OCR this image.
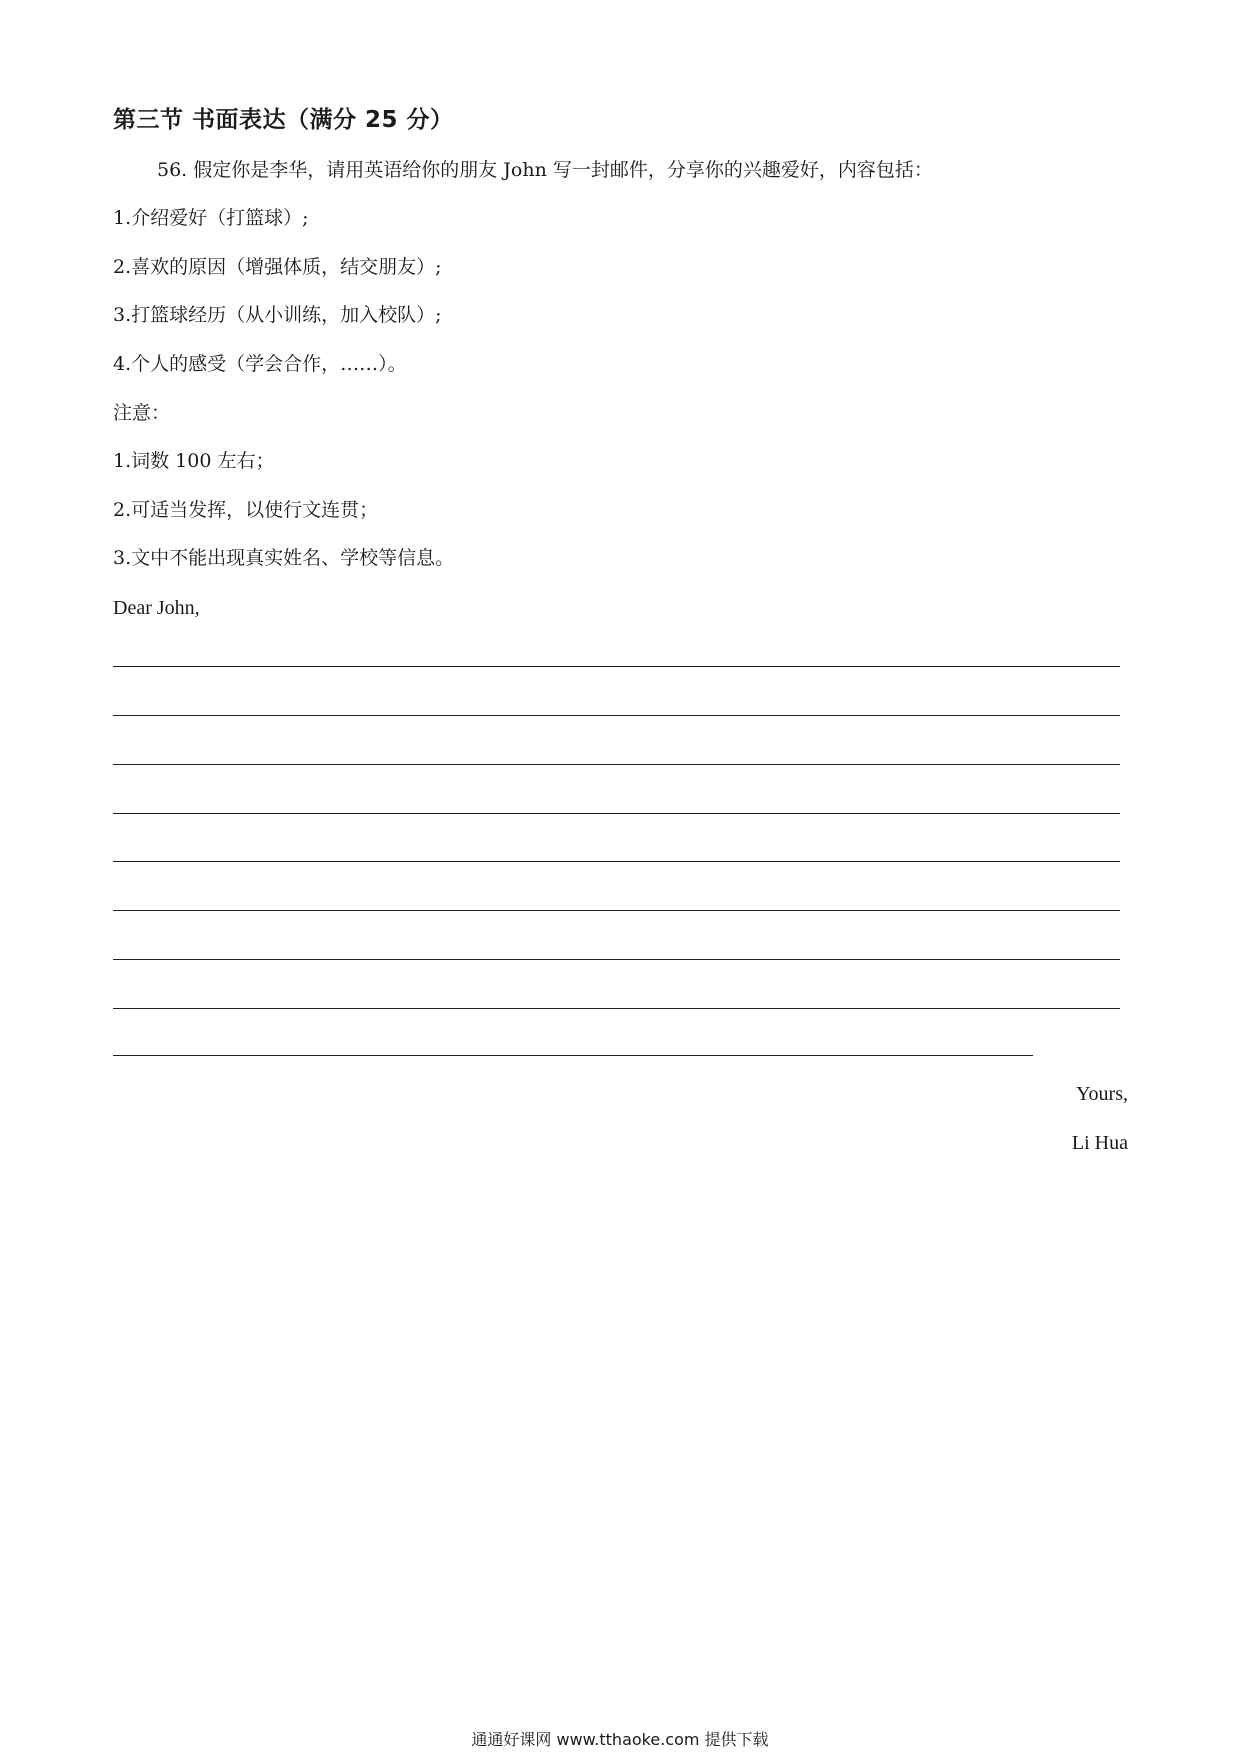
第三节 书面表达（满分 25 分）
56. 假定你是李华，请用英语给你的朋友 John 写一封邮件，分享你的兴趣爱好，内容包括：
1.介绍爱好（打篮球）;
2.喜欢的原因（增强体质，结交朋友）;
3.打篮球经历（从小训练，加入校队）;
4.个人的感受（学会合作，……）。
注意：
1.词数 100 左右；
2.可适当发挥，以使行文连贯；
3.文中不能出现真实姓名、学校等信息。
Dear John,
Yours,
Li Hua
通通好课网 www.tthaoke.com 提供下载
